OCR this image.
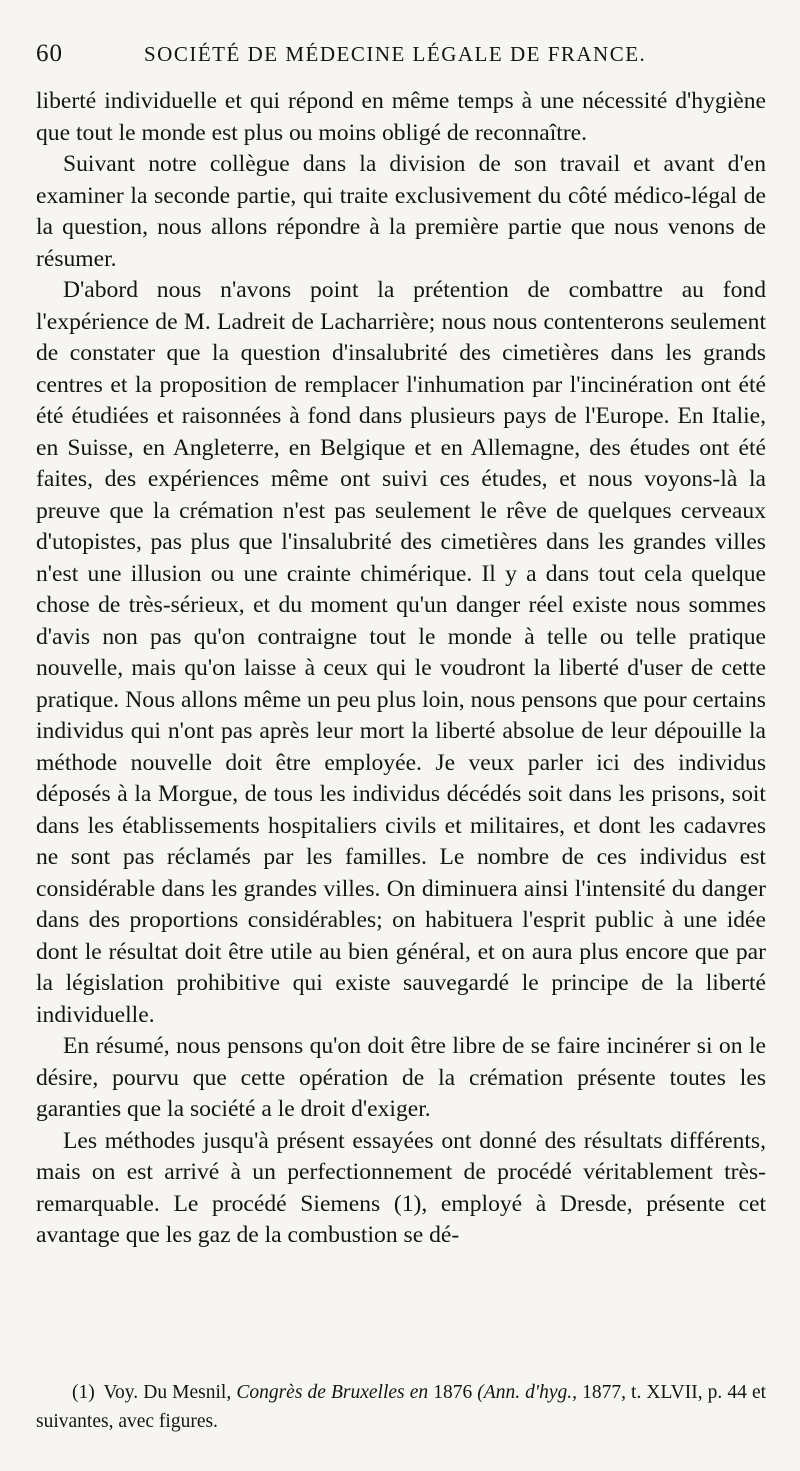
60	SOCIÉTÉ DE MÉDECINE LÉGALE DE FRANCE.

liberté individuelle et qui répond en même temps à une nécessité d'hygiène que tout le monde est plus ou moins obligé de reconnaître.

Suivant notre collègue dans la division de son travail et avant d'en examiner la seconde partie, qui traite exclusivement du côté médico-légal de la question, nous allons répondre à la première partie que nous venons de résumer.

D'abord nous n'avons point la prétention de combattre au fond l'expérience de M. Ladreit de Lacharrière; nous nous contenterons seulement de constater que la question d'insalubrité des cimetières dans les grands centres et la proposition de remplacer l'inhumation par l'incinération ont été été étudiées et raisonnées à fond dans plusieurs pays de l'Europe. En Italie, en Suisse, en Angleterre, en Belgique et en Allemagne, des études ont été faites, des expériences même ont suivi ces études, et nous voyons-là la preuve que la crémation n'est pas seulement le rêve de quelques cerveaux d'utopistes, pas plus que l'insalubrité des cimetières dans les grandes villes n'est une illusion ou une crainte chimérique. Il y a dans tout cela quelque chose de très-sérieux, et du moment qu'un danger réel existe nous sommes d'avis non pas qu'on contraigne tout le monde à telle ou telle pratique nouvelle, mais qu'on laisse à ceux qui le voudront la liberté d'user de cette pratique. Nous allons même un peu plus loin, nous pensons que pour certains individus qui n'ont pas après leur mort la liberté absolue de leur dépouille la méthode nouvelle doit être employée. Je veux parler ici des individus déposés à la Morgue, de tous les individus décédés soit dans les prisons, soit dans les établissements hospitaliers civils et militaires, et dont les cadavres ne sont pas réclamés par les familles. Le nombre de ces individus est considérable dans les grandes villes. On diminuera ainsi l'intensité du danger dans des proportions considérables; on habituera l'esprit public à une idée dont le résultat doit être utile au bien général, et on aura plus encore que par la législation prohibitive qui existe sauvegardé le principe de la liberté individuelle.

En résumé, nous pensons qu'on doit être libre de se faire incinérer si on le désire, pourvu que cette opération de la crémation présente toutes les garanties que la société a le droit d'exiger.

Les méthodes jusqu'à présent essayées ont donné des résultats différents, mais on est arrivé à un perfectionnement de procédé véritablement très-remarquable. Le procédé Siemens (1), employé à Dresde, présente cet avantage que les gaz de la combustion se dé-

(1) Voy. Du Mesnil, Congrès de Bruxelles en 1876 (Ann. d'hyg., 1877, t. XLVII, p. 44 et suivantes, avec figures.
